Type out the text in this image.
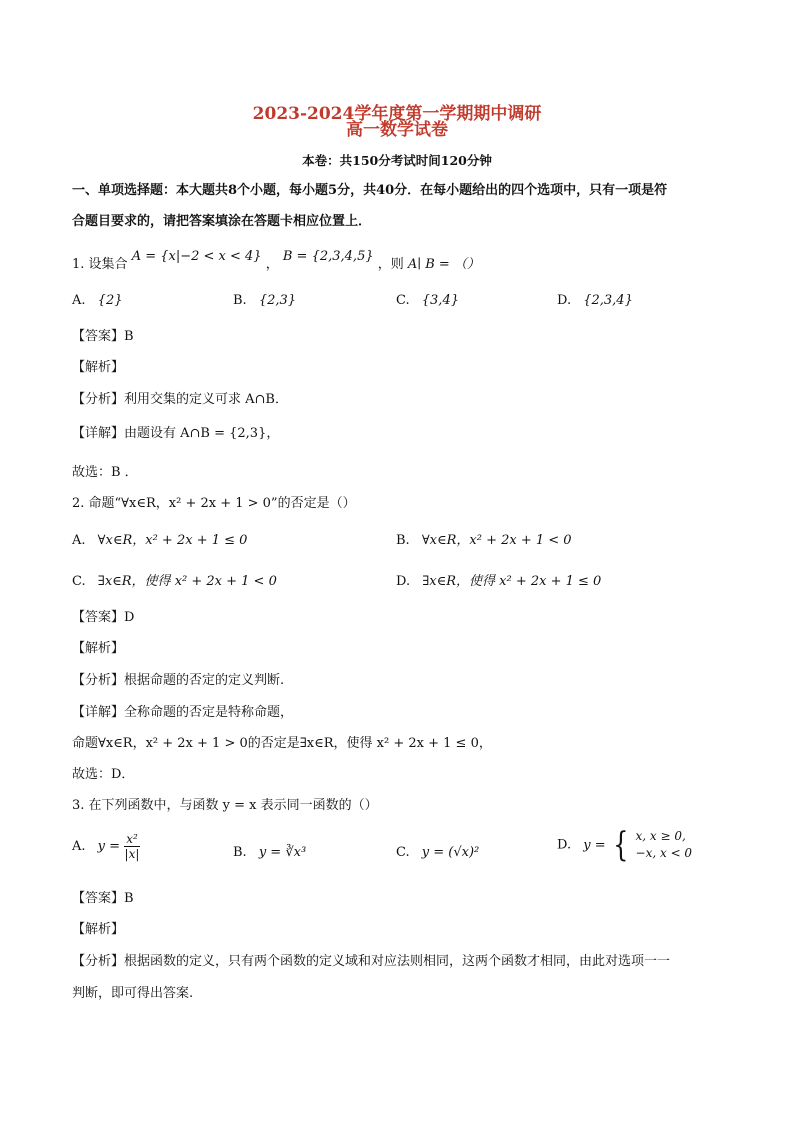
2023-2024学年度第一学期期中调研
高一数学试卷
本卷：共150分考试时间120分钟
一、单项选择题：本大题共8个小题，每小题5分，共40分．在每小题给出的四个选项中，只有一项是符
合题目要求的，请把答案填涂在答题卡相应位置上．
1. 设集合 A = {x|−2 < x < 4} ， B = {2,3,4,5} ，则 A∣ B = （）
A. {2}	B. {2,3}	C. {3,4}	D. {2,3,4}
【答案】B
【解析】
【分析】利用交集的定义可求 A∩B．
【详解】由题设有 A∩B = {2,3}，
故选：B ．
2. 命题“∀x∈R，x² + 2x + 1 > 0”的否定是（）
A. ∀x∈R，x² + 2x + 1 ≤ 0	B. ∀x∈R，x² + 2x + 1 < 0
C. ∃x∈R，使得 x² + 2x + 1 < 0	D. ∃x∈R，使得 x² + 2x + 1 ≤ 0
【答案】D
【解析】
【分析】根据命题的否定的定义判断.
【详解】全称命题的否定是特称命题，
命题∀x∈R，x² + 2x + 1 > 0的否定是∃x∈R，使得 x² + 2x + 1 ≤ 0，
故选：D．
3. 在下列函数中，与函数 y = x 表示同一函数的（）
A. $y = \frac{\text{x²}}{|x|}$	B. y = ∛x³	C. y = (√x)²	D. y = { x, x ≥ 0,
−x, x < 0
【答案】B
【解析】
【分析】根据函数的定义，只有两个函数的定义域和对应法则相同，这两个函数才相同，由此对选项一一
判断，即可得出答案.
